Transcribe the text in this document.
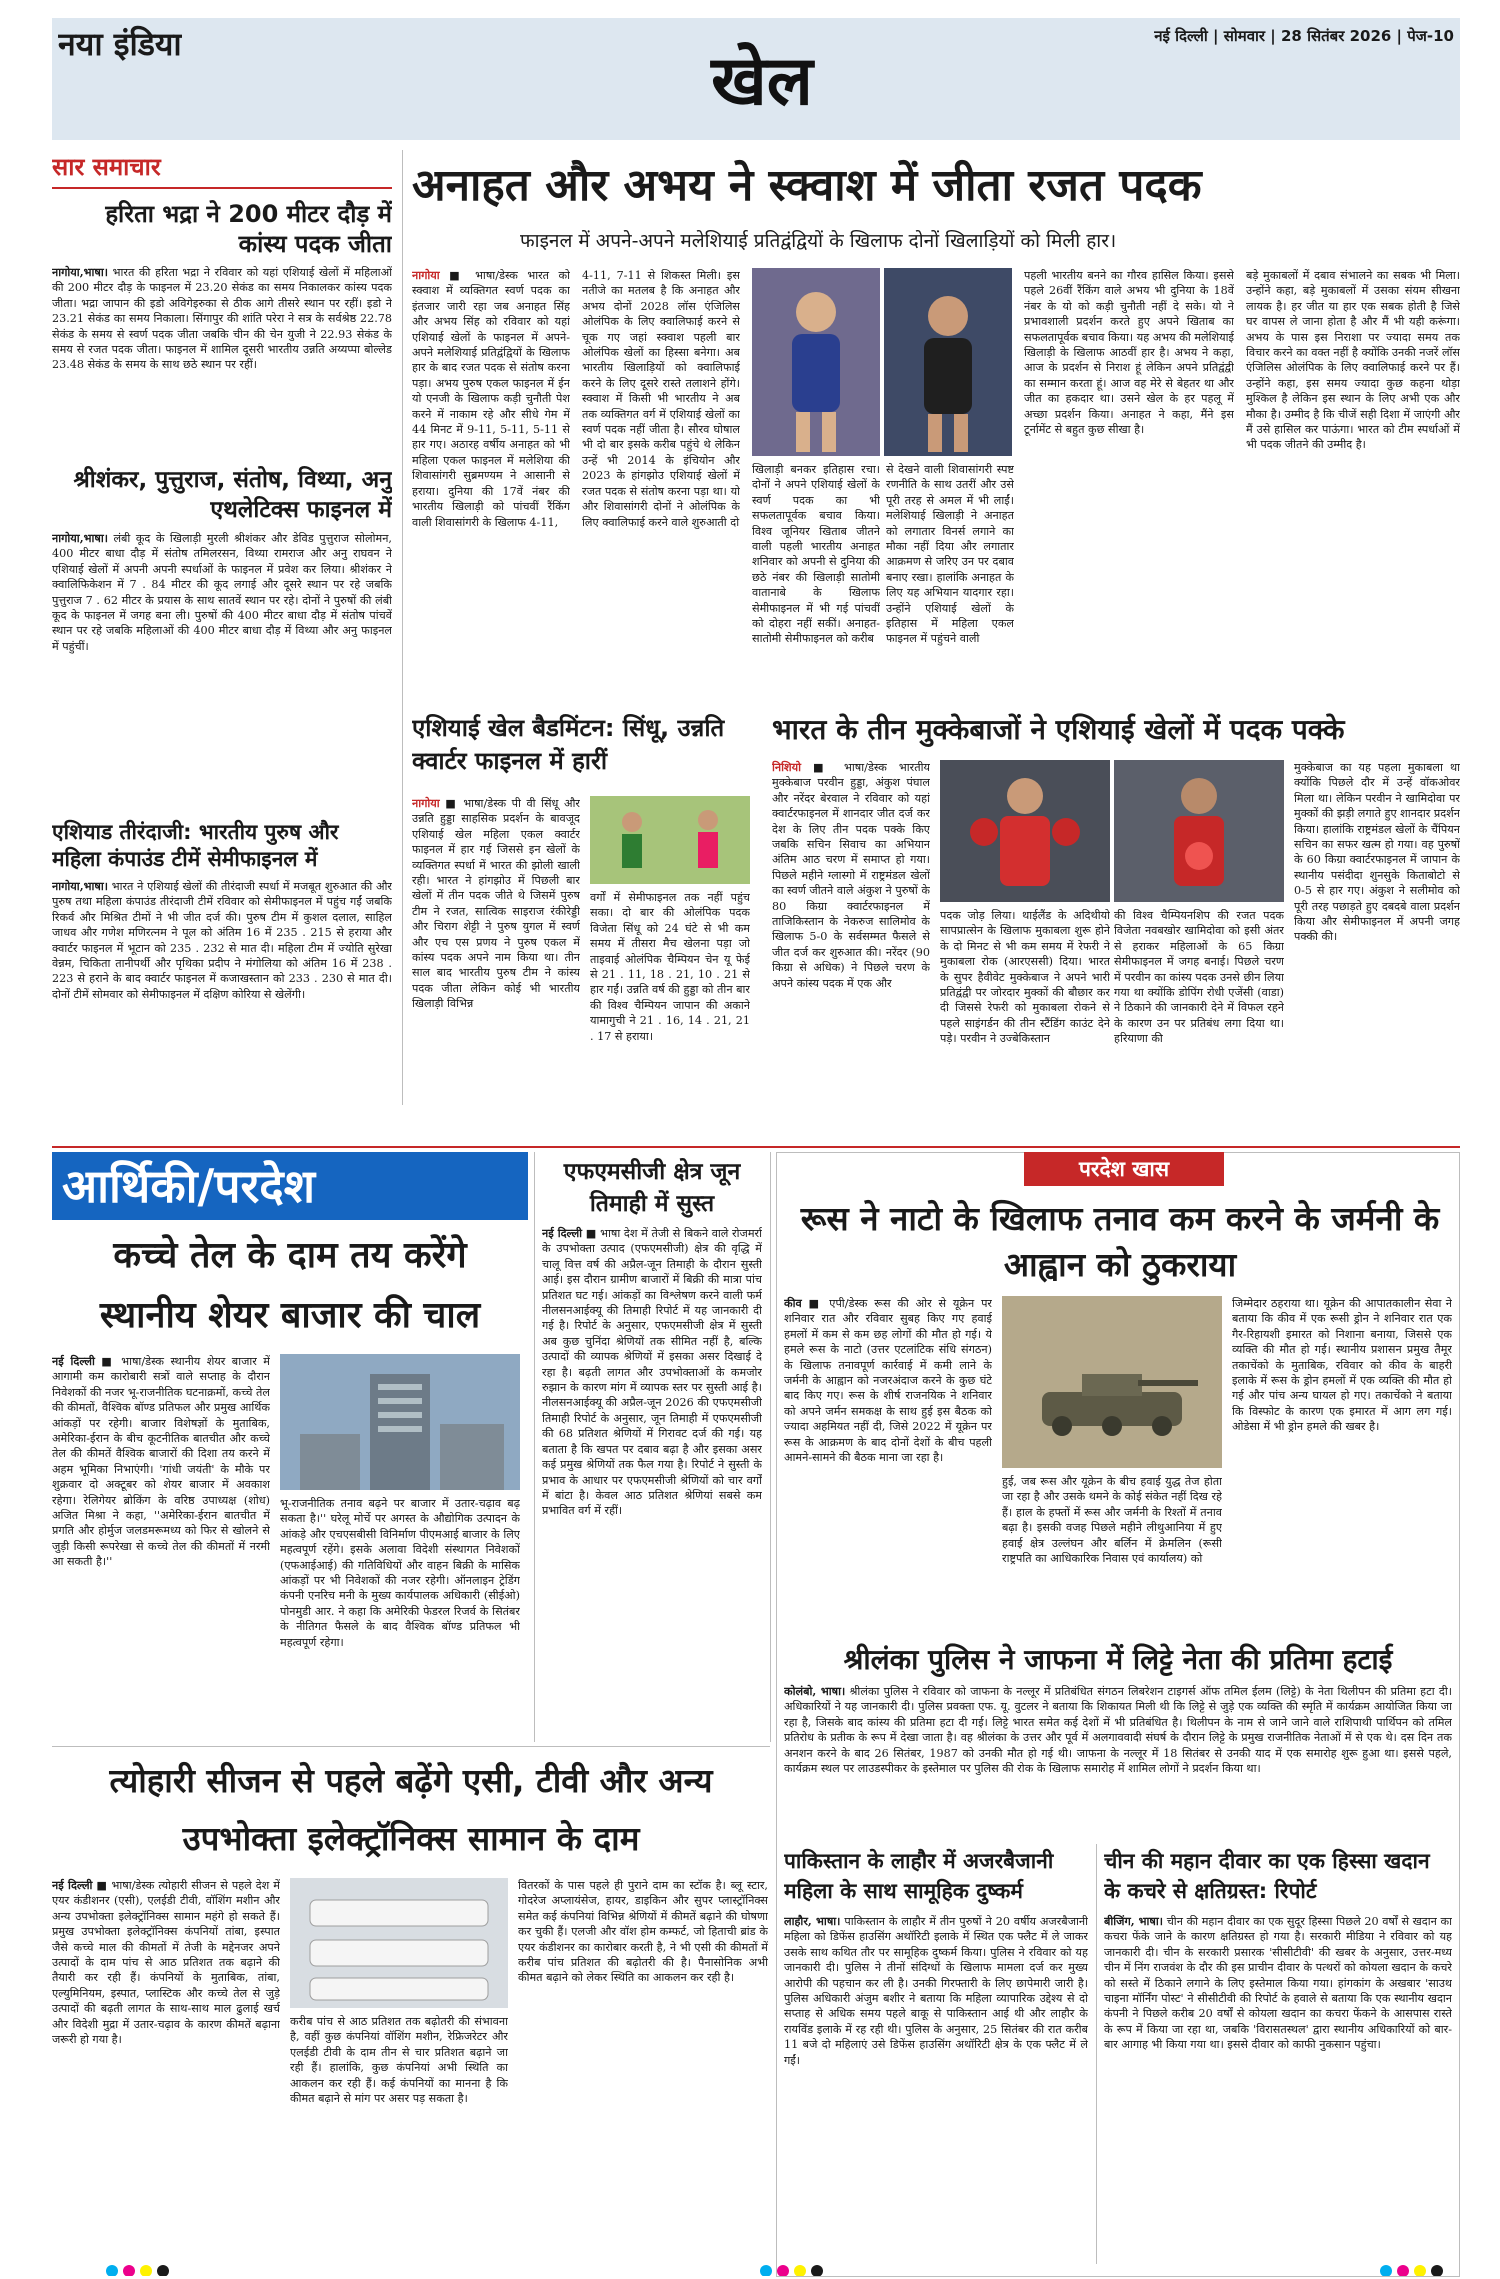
नया इंडिया	खेल
नई दिल्ली | सोमवार | 28 सितंबर 2026 | पेज-10
सार समाचार
हरिता भद्रा ने 200 मीटर दौड़ में कांस्य पदक जीता
नागोया,भाषा। भारत की हरिता भद्रा ने रविवार को यहां एशियाई खेलों में महिलाओं की 200 मीटर दौड़ के फाइनल में 23.20 सेकंड का समय निकालकर कांस्य पदक जीता। भद्रा जापान की इडो अविगेइरुका से ठीक आगे तीसरे स्थान पर रहीं। इडो ने 23.21 सेकंड का समय निकाला। सिंगापुर की शांति परेरा ने सत्र के सर्वश्रेष्ठ 22.78 सेकंड के समय से स्वर्ण पदक जीता जबकि चीन की चेन युजी ने 22.93 सेकंड के समय से रजत पदक जीता। फाइनल में शामिल दूसरी भारतीय उन्नति अय्यप्पा बोल्लेड 23.48 सेकंड के समय के साथ छठे स्थान पर रहीं।
श्रीशंकर, पुत्तुराज, संतोष, विथ्या, अनु एथलेटिक्स फाइनल में
नागोया,भाषा। लंबी कूद के खिलाड़ी मुरली श्रीशंकर और डेविड पुत्तुराज सोलोमन, 400 मीटर बाधा दौड़ में संतोष तमिलरसन, विथ्या रामराज और अनु राघवन ने एशियाई खेलों में अपनी अपनी स्पर्धाओं के फाइनल में प्रवेश कर लिया। श्रीशंकर ने क्वालिफिकेशन में 7 . 84 मीटर की कूद लगाई और दूसरे स्थान पर रहे जबकि पुत्तुराज 7 . 62 मीटर के प्रयास के साथ सातवें स्थान पर रहे। दोनों ने पुरुषों की लंबी कूद के फाइनल में जगह बना ली। पुरुषों की 400 मीटर बाधा दौड़ में संतोष पांचवें स्थान पर रहे जबकि महिलाओं की 400 मीटर बाधा दौड़ में विथ्या और अनु फाइनल में पहुंचीं।
एशियाड तीरंदाजी: भारतीय पुरुष और महिला कंपाउंड टीमें सेमीफाइनल में
नागोया,भाषा। भारत ने एशियाई खेलों की तीरंदाजी स्पर्धा में मजबूत शुरुआत की और पुरुष तथा महिला कंपाउंड तीरंदाजी टीमें रविवार को सेमीफाइनल में पहुंच गईं जबकि रिकर्व और मिश्रित टीमों ने भी जीत दर्ज की। पुरुष टीम में कुशल दलाल, साहिल जाधव और गणेश मणिरत्नम ने पूल को अंतिम 16 में 235 . 215 से हराया और क्वार्टर फाइनल में भूटान को 235 . 232 से मात दी। महिला टीम में ज्योति सुरेखा वेन्नम, चिकिता तानीपर्थी और पृथिका प्रदीप ने मंगोलिया को अंतिम 16 में 238 . 223 से हराने के बाद क्वार्टर फाइनल में कजाखस्तान को 233 . 230 से मात दी। दोनों टीमें सोमवार को सेमीफाइनल में दक्षिण कोरिया से खेलेंगी।
अनाहत और अभय ने स्क्वाश में जीता रजत पदक
फाइनल में अपने-अपने मलेशियाई प्रतिद्वंद्वियों के खिलाफ दोनों खिलाड़ियों को मिली हार।
नागोया ■ भाषा/डेस्क भारत को स्क्वाश में व्यक्तिगत स्वर्ण पदक का इंतजार जारी रहा जब अनाहत सिंह और अभय सिंह को रविवार को यहां एशियाई खेलों के फाइनल में अपने-अपने मलेशियाई प्रतिद्वंद्वियों के खिलाफ हार के बाद रजत पदक से संतोष करना पड़ा। अभय पुरुष एकल फाइनल में ईन यो एनजी के खिलाफ कड़ी चुनौती पेश करने में नाकाम रहे और सीधे गेम में 44 मिनट में 9-11, 5-11, 5-11 से हार गए। अठारह वर्षीय अनाहत को भी महिला एकल फाइनल में मलेशिया की शिवासांगरी सुब्रमण्यम ने आसानी से हराया। दुनिया की 17वें नंबर की भारतीय खिलाड़ी को पांचवीं रैंकिंग वाली शिवासांगरी के खिलाफ 4-11,
4-11, 7-11 से शिकस्त मिली। इस नतीजे का मतलब है कि अनाहत और अभय दोनों 2028 लॉस एंजिलिस ओलंपिक के लिए क्वालिफाई करने से चूक गए जहां स्क्वाश पहली बार ओलंपिक खेलों का हिस्सा बनेगा। अब भारतीय खिलाड़ियों को क्वालिफाई करने के लिए दूसरे रास्ते तलाशने होंगे। स्क्वाश में किसी भी भारतीय ने अब तक व्यक्तिगत वर्ग में एशियाई खेलों का स्वर्ण पदक नहीं जीता है। सौरव घोषाल भी दो बार इसके करीब पहुंचे थे लेकिन उन्हें भी 2014 के इंचियोन और 2023 के हांगझोउ एशियाई खेलों में रजत पदक से संतोष करना पड़ा था। यो और शिवासांगरी दोनों ने ओलंपिक के लिए क्वालिफाई करने वाले शुरुआती दो
खिलाड़ी बनकर इतिहास रचा। दोनों ने अपने एशियाई खेलों के स्वर्ण पदक का भी सफलतापूर्वक बचाव किया। विश्व जूनियर खिताब जीतने वाली पहली भारतीय अनाहत शनिवार को अपनी से दुनिया की छठे नंबर की खिलाड़ी सातोमी वातानाबे के खिलाफ सेमीफाइनल में भी गई पांचवीं को दोहरा नहीं सकीं। अनाहत-सातोमी सेमीफाइनल को करीब
से देखने वाली शिवासांगरी स्पष्ट रणनीति के साथ उतरीं और उसे पूरी तरह से अमल में भी लाईं। मलेशियाई खिलाड़ी ने अनाहत को लगातार विनर्स लगाने का मौका नहीं दिया और लगातार आक्रमण से जरिए उन पर दबाव बनाए रखा। हालांकि अनाहत के लिए यह अभियान यादगार रहा। उन्होंने एशियाई खेलों के इतिहास में महिला एकल फाइनल में पहुंचने वाली
पहली भारतीय बनने का गौरव हासिल किया। इससे पहले 26वीं रैंकिंग वाले अभय भी दुनिया के 18वें नंबर के यो को कड़ी चुनौती नहीं दे सके। यो ने प्रभावशाली प्रदर्शन करते हुए अपने खिताब का सफलतापूर्वक बचाव किया। यह अभय की मलेशियाई खिलाड़ी के खिलाफ आठवीं हार है। अभय ने कहा, आज के प्रदर्शन से निराश हूं लेकिन अपने प्रतिद्वंद्वी का सम्मान करता हूं। आज वह मेरे से बेहतर था और जीत का हकदार था। उसने खेल के हर पहलू में अच्छा प्रदर्शन किया। अनाहत ने कहा, मैंने इस टूर्नामेंट से बहुत कुछ सीखा है।
बड़े मुकाबलों में दबाव संभालने का सबक भी मिला। उन्होंने कहा, बड़े मुकाबलों में उसका संयम सीखना लायक है। हर जीत या हार एक सबक होती है जिसे घर वापस ले जाना होता है और मैं भी यही करूंगा। अभय के पास इस निराशा पर ज्यादा समय तक विचार करने का वक्त नहीं है क्योंकि उनकी नजरें लॉस एंजिलिस ओलंपिक के लिए क्वालिफाई करने पर हैं। उन्होंने कहा, इस समय ज्यादा कुछ कहना थोड़ा मुश्किल है लेकिन इस स्थान के लिए अभी एक और मौका है। उम्मीद है कि चीजें सही दिशा में जाएंगी और मैं उसे हासिल कर पाऊंगा। भारत को टीम स्पर्धाओं में भी पदक जीतने की उम्मीद है।
एशियाई खेल बैडमिंटन: सिंधू, उन्नति क्वार्टर फाइनल में हारीं
नागोया ■ भाषा/डेस्क पी वी सिंधू और उन्नति हुड्डा साहसिक प्रदर्शन के बावजूद एशियाई खेल महिला एकल क्वार्टर फाइनल में हार गई जिससे इन खेलों के व्यक्तिगत स्पर्धा में भारत की झोली खाली रही। भारत ने हांगझोउ में पिछली बार खेलों में तीन पदक जीते थे जिसमें पुरुष टीम ने रजत, सात्विक साइराज रंकीरेड्डी और चिराग शेट्टी ने पुरुष युगल में स्वर्ण और एच एस प्रणय ने पुरुष एकल में कांस्य पदक अपने नाम किया था। तीन साल बाद भारतीय पुरुष टीम ने कांस्य पदक जीता लेकिन कोई भी भारतीय खिलाड़ी विभिन्न
वर्गों में सेमीफाइनल तक नहीं पहुंच सका। दो बार की ओलंपिक पदक विजेता सिंधू को 24 घंटे से भी कम समय में तीसरा मैच खेलना पड़ा जो ताइवाई ओलंपिक चैम्पियन चेन यू फेई से 21 . 11, 18 . 21, 10 . 21 से हार गईं। उन्नति वर्ष की हुड्डा को तीन बार की विश्व चैम्पियन जापान की अकाने यामागुची ने 21 . 16, 14 . 21, 21 . 17 से हराया।
भारत के तीन मुक्केबाजों ने एशियाई खेलों में पदक पक्के
निशियो ■ भाषा/डेस्क भारतीय मुक्केबाज परवीन हुड्डा, अंकुश पंघाल और नरेंदर बेरवाल ने रविवार को यहां क्वार्टरफाइनल में शानदार जीत दर्ज कर देश के लिए तीन पदक पक्के किए जबकि सचिन सिवाच का अभियान अंतिम आठ चरण में समाप्त हो गया। पिछले महीने ग्लास्गो में राष्ट्रमंडल खेलों का स्वर्ण जीतने वाले अंकुश ने पुरुषों के 80 किग्रा क्वार्टरफाइनल में ताजिकिस्तान के नेकरुज सालिमोव के खिलाफ 5-0 के सर्वसम्मत फैसले से जीत दर्ज कर शुरुआत की। नरेंदर (90 किग्रा से अधिक) ने पिछले चरण के अपने कांस्य पदक में एक और
पदक जोड़ लिया। थाईलैंड के अदिथीयो सापप्रात्सेन के खिलाफ मुकाबला शुरू होने के दो मिनट से भी कम समय में रेफरी ने मुकाबला रोक (आरएससी) दिया। भारत के सुपर हैवीवेट मुक्केबाज ने अपने भारी प्रतिद्वंद्वी पर जोरदार मुक्कों की बौछार कर दी जिससे रेफरी को मुकाबला रोकने से पहले साइंगर्डन की तीन स्टैंडिंग काउंट देने पड़े। परवीन ने उज्बेकिस्तान
की विश्व चैम्पियनशिप की रजत पदक विजेता नवबखोर खामिदोवा को इसी अंतर से हराकर महिलाओं के 65 किग्रा सेमीफाइनल में जगह बनाई। पिछले चरण में परवीन का कांस्य पदक उनसे छीन लिया गया था क्योंकि डोपिंग रोधी एजेंसी (वाडा) ने ठिकाने की जानकारी देने में विफल रहने के कारण उन पर प्रतिबंध लगा दिया था। हरियाणा की
मुक्केबाज का यह पहला मुकाबला था क्योंकि पिछले दौर में उन्हें वॉकओवर मिला था। लेकिन परवीन ने खामिदोवा पर मुक्कों की झड़ी लगाते हुए शानदार प्रदर्शन किया। हालांकि राष्ट्रमंडल खेलों के चैंपियन सचिन का सफर खत्म हो गया। वह पुरुषों के 60 किग्रा क्वार्टरफाइनल में जापान के स्थानीय पसंदीदा शुनसुके किताबोटो से 0-5 से हार गए। अंकुश ने सलीमोव को पूरी तरह पछाड़ते हुए दबदबे वाला प्रदर्शन किया और सेमीफाइनल में अपनी जगह पक्की की।
आर्थिकी/परदेश
कच्चे तेल के दाम तय करेंगे स्थानीय शेयर बाजार की चाल
नई दिल्ली ■ भाषा/डेस्क स्थानीय शेयर बाजार में आगामी कम कारोबारी सत्रों वाले सप्ताह के दौरान निवेशकों की नजर भू-राजनीतिक घटनाक्रमों, कच्चे तेल की कीमतों, वैश्विक बॉण्ड प्रतिफल और प्रमुख आर्थिक आंकड़ों पर रहेगी। बाजार विशेषज्ञों के मुताबिक, अमेरिका-ईरान के बीच कूटनीतिक बातचीत और कच्चे तेल की कीमतें वैश्विक बाजारों की दिशा तय करने में अहम भूमिका निभाएंगी। 'गांधी जयंती' के मौके पर शुक्रवार दो अक्टूबर को शेयर बाजार में अवकाश रहेगा। रेलिगेयर ब्रोकिंग के वरिष्ठ उपाध्यक्ष (शोध) अजित मिश्रा ने कहा, ''अमेरिका-ईरान बातचीत में प्रगति और होर्मुज जलडमरूमध्य को फिर से खोलने से जुड़ी किसी रूपरेखा से कच्चे तेल की कीमतों में नरमी आ सकती है।''
भू-राजनीतिक तनाव बढ़ने पर बाजार में उतार-चढ़ाव बढ़ सकता है।'' घरेलू मोर्चे पर अगस्त के औद्योगिक उत्पादन के आंकड़े और एचएसबीसी विनिर्माण पीएमआई बाजार के लिए महत्वपूर्ण रहेंगे। इसके अलावा विदेशी संस्थागत निवेशकों (एफआईआई) की गतिविधियों और वाहन बिक्री के मासिक आंकड़ों पर भी निवेशकों की नजर रहेगी। ऑनलाइन ट्रेडिंग कंपनी एनरिच मनी के मुख्य कार्यपालक अधिकारी (सीईओ) पोनमुडी आर. ने कहा कि अमेरिकी फेडरल रिजर्व के सितंबर के नीतिगत फैसले के बाद वैश्विक बॉण्ड प्रतिफल भी महत्वपूर्ण रहेगा।
एफएमसीजी क्षेत्र जून तिमाही में सुस्त
नई दिल्ली ■ भाषा देश में तेजी से बिकने वाले रोजमर्रा के उपभोक्ता उत्पाद (एफएमसीजी) क्षेत्र की वृद्धि में चालू वित्त वर्ष की अप्रैल-जून तिमाही के दौरान सुस्ती आई। इस दौरान ग्रामीण बाजारों में बिक्री की मात्रा पांच प्रतिशत घट गई। आंकड़ों का विश्लेषण करने वाली फर्म नीलसनआईक्यू की तिमाही रिपोर्ट में यह जानकारी दी गई है। रिपोर्ट के अनुसार, एफएमसीजी क्षेत्र में सुस्ती अब कुछ चुनिंदा श्रेणियों तक सीमित नहीं है, बल्कि उत्पादों की व्यापक श्रेणियों में इसका असर दिखाई दे रहा है। बढ़ती लागत और उपभोक्ताओं के कमजोर रुझान के कारण मांग में व्यापक स्तर पर सुस्ती आई है। नीलसनआईक्यू की अप्रैल-जून 2026 की एफएमसीजी तिमाही रिपोर्ट के अनुसार, जून तिमाही में एफएमसीजी की 68 प्रतिशत श्रेणियों में गिरावट दर्ज की गई। यह बताता है कि खपत पर दबाव बढ़ा है और इसका असर कई प्रमुख श्रेणियों तक फैल गया है। रिपोर्ट ने सुस्ती के प्रभाव के आधार पर एफएमसीजी श्रेणियों को चार वर्गों में बांटा है। केवल आठ प्रतिशत श्रेणियां सबसे कम प्रभावित वर्ग में रहीं।
परदेश खास
रूस ने नाटो के खिलाफ तनाव कम करने के जर्मनी के आह्वान को ठुकराया
कीव ■ एपी/डेस्क रूस की ओर से यूक्रेन पर शनिवार रात और रविवार सुबह किए गए हवाई हमलों में कम से कम छह लोगों की मौत हो गई। ये हमले रूस के नाटो (उत्तर एटलांटिक संधि संगठन) के खिलाफ तनावपूर्ण कार्रवाई में कमी लाने के जर्मनी के आह्वान को नजरअंदाज करने के कुछ घंटे बाद किए गए। रूस के शीर्ष राजनयिक ने शनिवार को अपने जर्मन समकक्ष के साथ हुई इस बैठक को ज्यादा अहमियत नहीं दी, जिसे 2022 में यूक्रेन पर रूस के आक्रमण के बाद दोनों देशों के बीच पहली आमने-सामने की बैठक माना जा रहा है।
हुई, जब रूस और यूक्रेन के बीच हवाई युद्ध तेज होता जा रहा है और उसके थमने के कोई संकेत नहीं दिख रहे हैं। हाल के हफ्तों में रूस और जर्मनी के रिश्तों में तनाव बढ़ा है। इसकी वजह पिछले महीने लीथुआनिया में हुए हवाई क्षेत्र उल्लंघन और बर्लिन में क्रेमलिन (रूसी राष्ट्रपति का आधिकारिक निवास एवं कार्यालय) को
जिम्मेदार ठहराया था। यूक्रेन की आपातकालीन सेवा ने बताया कि कीव में एक रूसी ड्रोन ने शनिवार रात एक गैर-रिहायशी इमारत को निशाना बनाया, जिससे एक व्यक्ति की मौत हो गई। स्थानीय प्रशासन प्रमुख तैमूर तकाचेंको के मुताबिक, रविवार को कीव के बाहरी इलाके में रूस के ड्रोन हमलों में एक व्यक्ति की मौत हो गई और पांच अन्य घायल हो गए। तकाचेंको ने बताया कि विस्फोट के कारण एक इमारत में आग लग गई। ओडेसा में भी ड्रोन हमले की खबर है।
श्रीलंका पुलिस ने जाफना में लिट्टे नेता की प्रतिमा हटाई
कोलंबो, भाषा। श्रीलंका पुलिस ने रविवार को जाफना के नल्लूर में प्रतिबंधित संगठन लिबरेशन टाइगर्स ऑफ तमिल ईलम (लिट्टे) के नेता थिलीपन की प्रतिमा हटा दी। अधिकारियों ने यह जानकारी दी। पुलिस प्रवक्ता एफ. यू. वुटलर ने बताया कि शिकायत मिली थी कि लिट्टे से जुड़े एक व्यक्ति की स्मृति में कार्यक्रम आयोजित किया जा रहा है, जिसके बाद कांस्य की प्रतिमा हटा दी गई। लिट्टे भारत समेत कई देशों में भी प्रतिबंधित है। थिलीपन के नाम से जाने जाने वाले राशिपाथी पार्थिपन को तमिल प्रतिरोध के प्रतीक के रूप में देखा जाता है। वह श्रीलंका के उत्तर और पूर्व में अलगाववादी संघर्ष के दौरान लिट्टे के प्रमुख राजनीतिक नेताओं में से एक थे। दस दिन तक अनशन करने के बाद 26 सितंबर, 1987 को उनकी मौत हो गई थी। जाफना के नल्लूर में 18 सितंबर से उनकी याद में एक समारोह शुरू हुआ था। इससे पहले, कार्यक्रम स्थल पर लाउडस्पीकर के इस्तेमाल पर पुलिस की रोक के खिलाफ समारोह में शामिल लोगों ने प्रदर्शन किया था।
त्योहारी सीजन से पहले बढ़ेंगे एसी, टीवी और अन्य उपभोक्ता इलेक्ट्रॉनिक्स सामान के दाम
नई दिल्ली ■ भाषा/डेस्क त्योहारी सीजन से पहले देश में एयर कंडीशनर (एसी), एलईडी टीवी, वॉशिंग मशीन और अन्य उपभोक्ता इलेक्ट्रॉनिक्स सामान महंगे हो सकते हैं। प्रमुख उपभोक्ता इलेक्ट्रॉनिक्स कंपनियों तांबा, इस्पात जैसे कच्चे माल की कीमतों में तेजी के मद्देनजर अपने उत्पादों के दाम पांच से आठ प्रतिशत तक बढ़ाने की तैयारी कर रही हैं। कंपनियों के मुताबिक, तांबा, एल्युमिनियम, इस्पात, प्लास्टिक और कच्चे तेल से जुड़े उत्पादों की बढ़ती लागत के साथ-साथ माल ढुलाई खर्च और विदेशी मुद्रा में उतार-चढ़ाव के कारण कीमतें बढ़ाना जरूरी हो गया है।
करीब पांच से आठ प्रतिशत तक बढ़ोतरी की संभावना है, वहीं कुछ कंपनियां वॉशिंग मशीन, रेफ्रिजरेटर और एलईडी टीवी के दाम तीन से चार प्रतिशत बढ़ाने जा रही हैं। हालांकि, कुछ कंपनियां अभी स्थिति का आकलन कर रही हैं। कई कंपनियों का मानना है कि कीमत बढ़ाने से मांग पर असर पड़ सकता है।
वितरकों के पास पहले ही पुराने दाम का स्टॉक है। ब्लू स्टार, गोदरेज अप्लायंसेज, हायर, डाइकिन और सुपर प्लास्ट्रॉनिक्स समेत कई कंपनियां विभिन्न श्रेणियों में कीमतें बढ़ाने की घोषणा कर चुकी हैं। एलजी और वॉश होम कम्फर्ट, जो हिताची ब्रांड के एयर कंडीशनर का कारोबार करती है, ने भी एसी की कीमतों में करीब पांच प्रतिशत की बढ़ोतरी की है। पैनासोनिक अभी कीमत बढ़ाने को लेकर स्थिति का आकलन कर रही है।
पाकिस्तान के लाहौर में अजरबैजानी महिला के साथ सामूहिक दुष्कर्म
लाहौर, भाषा। पाकिस्तान के लाहौर में तीन पुरुषों ने 20 वर्षीय अजरबैजानी महिला को डिफेंस हाउसिंग अथॉरिटी इलाके में स्थित एक फ्लैट में ले जाकर उसके साथ कथित तौर पर सामूहिक दुष्कर्म किया। पुलिस ने रविवार को यह जानकारी दी। पुलिस ने तीनों संदिग्धों के खिलाफ मामला दर्ज कर मुख्य आरोपी की पहचान कर ली है। उनकी गिरफ्तारी के लिए छापेमारी जारी है। पुलिस अधिकारी अंजुम बशीर ने बताया कि महिला व्यापारिक उद्देश्य से दो सप्ताह से अधिक समय पहले बाकू से पाकिस्तान आई थी और लाहौर के रायविंड इलाके में रह रही थी। पुलिस के अनुसार, 25 सितंबर की रात करीब 11 बजे दो महिलाएं उसे डिफेंस हाउसिंग अथॉरिटी क्षेत्र के एक फ्लैट में ले गईं।
चीन की महान दीवार का एक हिस्सा खदान के कचरे से क्षतिग्रस्त: रिपोर्ट
बीजिंग, भाषा। चीन की महान दीवार का एक सुदूर हिस्सा पिछले 20 वर्षों से खदान का कचरा फेंके जाने के कारण क्षतिग्रस्त हो गया है। सरकारी मीडिया ने रविवार को यह जानकारी दी। चीन के सरकारी प्रसारक 'सीसीटीवी' की खबर के अनुसार, उत्तर-मध्य चीन में निंग राजवंश के दौर की इस प्राचीन दीवार के पत्थरों को कोयला खदान के कचरे को सस्ते में ठिकाने लगाने के लिए इस्तेमाल किया गया। हांगकांग के अखबार 'साउथ चाइना मॉर्निंग पोस्ट' ने सीसीटीवी की रिपोर्ट के हवाले से बताया कि एक स्थानीय खदान कंपनी ने पिछले करीब 20 वर्षों से कोयला खदान का कचरा फेंकने के आसपास रास्ते के रूप में किया जा रहा था, जबकि 'विरासतस्थल' द्वारा स्थानीय अधिकारियों को बार-बार आगाह भी किया गया था। इससे दीवार को काफी नुकसान पहुंचा।
